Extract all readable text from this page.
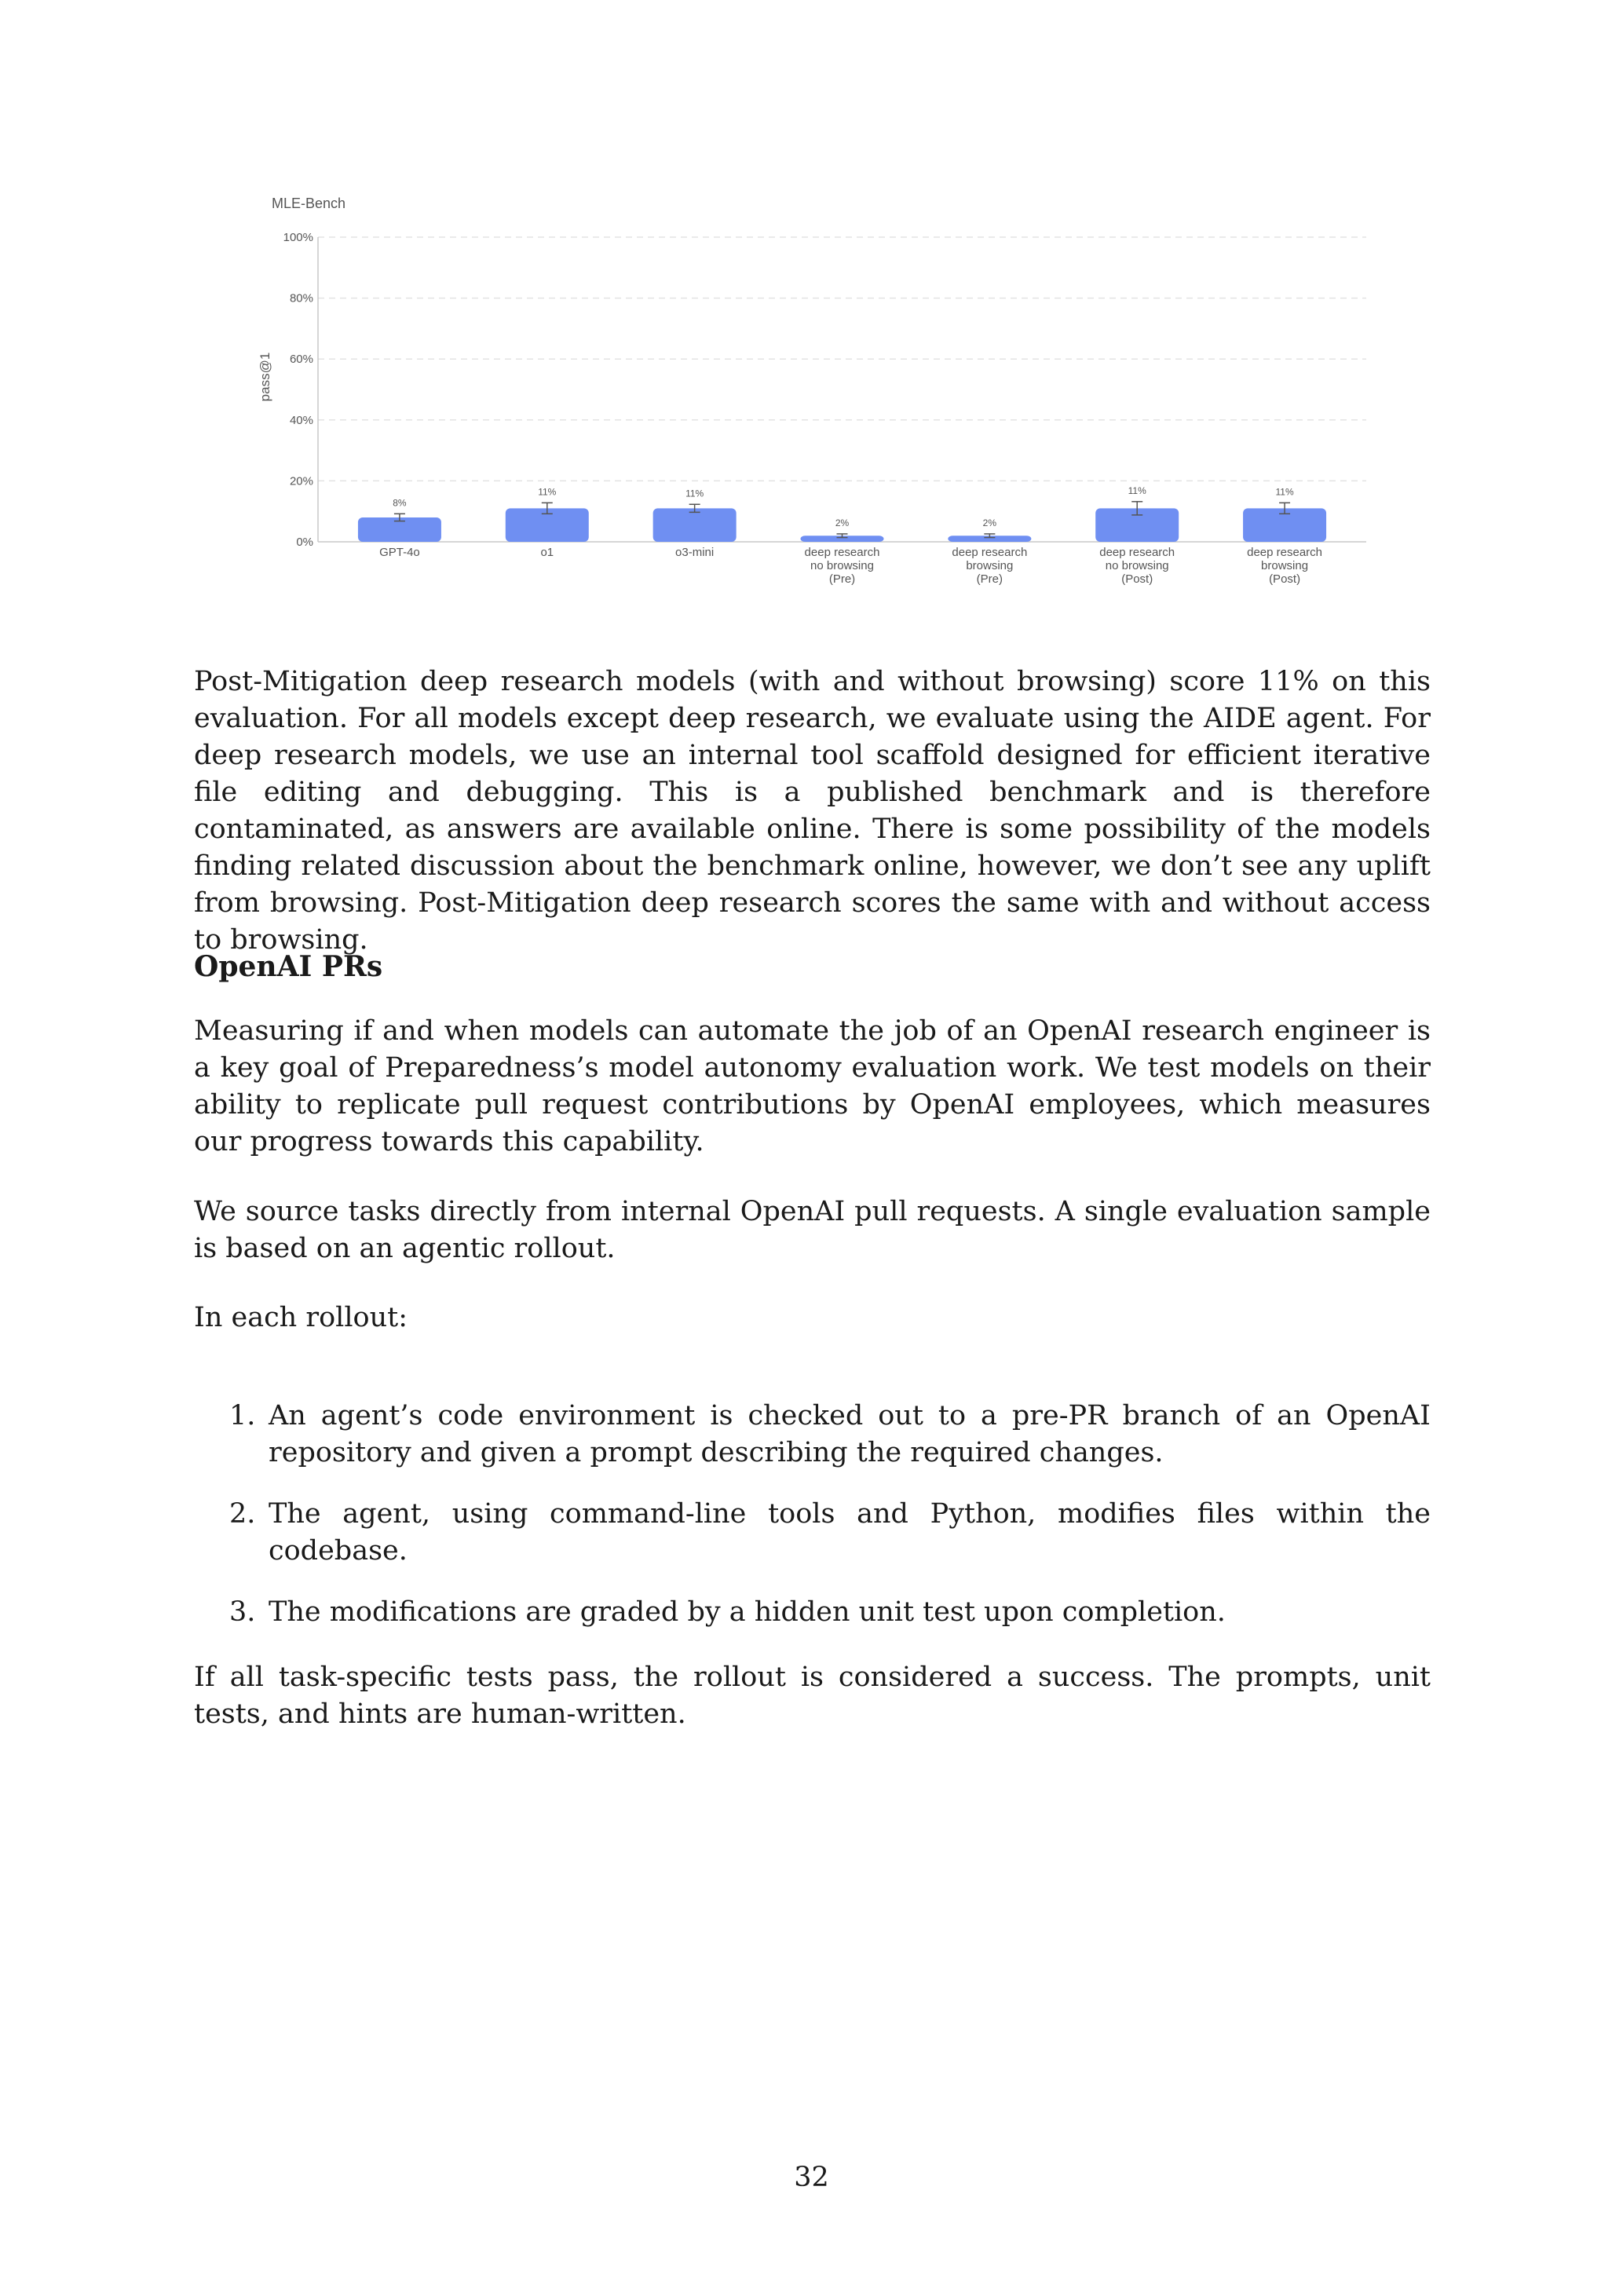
MLE-Bench
pass@1
0%
20%
40%
60%
80%
100%
8%
11%	11%
2%	2%
11%	11%
GPT-4o	o1	o3-mini	deep research
no browsing
(Pre)
deep research
browsing
(Pre)
deep research
no browsing
(Post)
deep research
browsing
(Post)

Post-Mitigation deep research models (with and without browsing) score 11% on this evaluation. For all models except deep research, we evaluate using the AIDE agent. For deep research models, we use an internal tool scaffold designed for efficient iterative file editing and debugging. This is a published benchmark and is therefore contaminated, as answers are available online. There is some possibility of the models finding related discussion about the benchmark online, however, we don’t see any uplift from browsing. Post-Mitigation deep research scores the same with and without access to browsing.

OpenAI PRs

Measuring if and when models can automate the job of an OpenAI research engineer is a key goal of Preparedness’s model autonomy evaluation work. We test models on their ability to replicate pull request contributions by OpenAI employees, which measures our progress towards this capability.

We source tasks directly from internal OpenAI pull requests. A single evaluation sample is based on an agentic rollout.

In each rollout:

1. An agent’s code environment is checked out to a pre-PR branch of an OpenAI repository and given a prompt describing the required changes.
2. The agent, using command-line tools and Python, modifies files within the codebase.
3. The modifications are graded by a hidden unit test upon completion.

If all task-specific tests pass, the rollout is considered a success. The prompts, unit tests, and hints are human-written.

32
